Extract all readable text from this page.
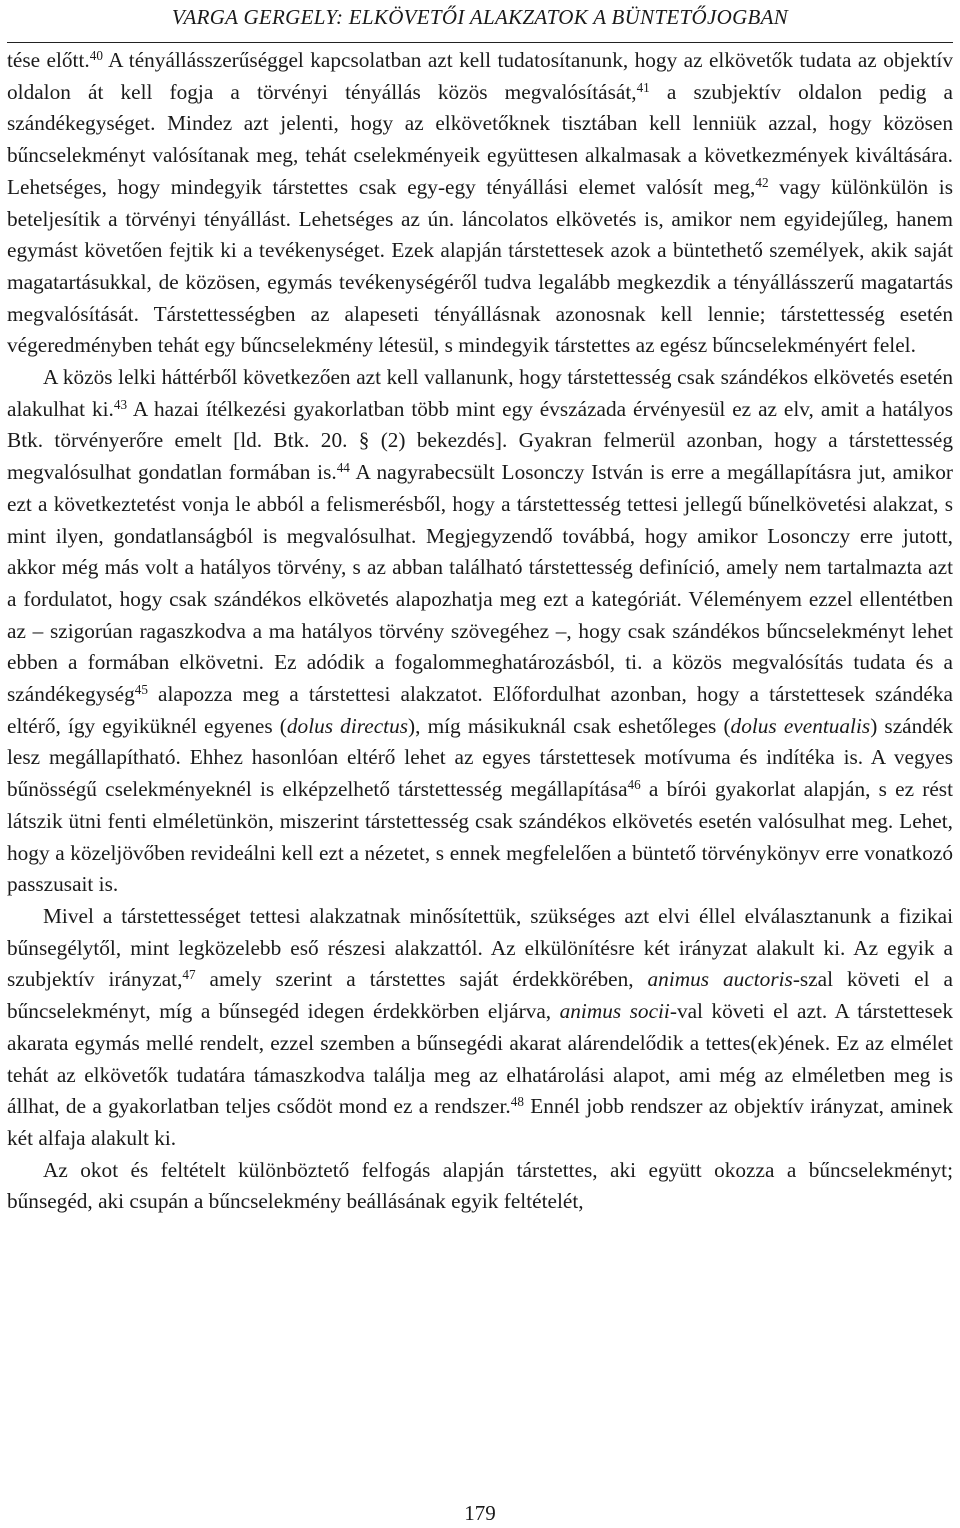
VARGA GERGELY: ELKÖVETŐI ALAKZATOK A BÜNTETŐJOGBAN

tése előtt.$^{40}$ A tényállásszerűséggel kapcsolatban azt kell tudatosítanunk, hogy az elkövetők tudata az objektív oldalon át kell fogja a törvényi tényállás közös megvalósítását,$^{41}$ a szubjektív oldalon pedig a szándékegységet. Mindez azt jelenti, hogy az elkövetőknek tisztában kell lenniük azzal, hogy közösen bűncselekményt valósítanak meg, tehát cselekményeik együttesen alkalmasak a következmények kiváltására. Lehetséges, hogy mindegyik társtettes csak egy-egy tényállási elemet valósít meg,$^{42}$ vagy különkülön is beteljesítik a törvényi tényállást. Lehetséges az ún. láncolatos elkövetés is, amikor nem egyidejűleg, hanem egymást követően fejtik ki a tevékenységet. Ezek alapján társtettesek azok a büntethető személyek, akik saját magatartásukkal, de közösen, egymás tevékenységéről tudva legalább megkezdik a tényállásszerű magatartás megvalósítását. Társtettességben az alapeseti tényállásnak azonosnak kell lennie; társtettesség esetén végeredményben tehát egy bűncselekmény létesül, s mindegyik társtettes az egész bűncselekményért felel.

A közös lelki háttérből következően azt kell vallanunk, hogy társtettesség csak szándékos elkövetés esetén alakulhat ki.$^{43}$ A hazai ítélkezési gyakorlatban több mint egy évszázada érvényesül ez az elv, amit a hatályos Btk. törvényerőre emelt [ld. Btk. 20. § (2) bekezdés]. Gyakran felmerül azonban, hogy a társtettesség megvalósulhat gondatlan formában is.$^{44}$ A nagyrabecsült Losonczy István is erre a megállapításra jut, amikor ezt a következtetést vonja le abból a felismerésből, hogy a társtettesség tettesi jellegű bűnelkövetési alakzat, s mint ilyen, gondatlanságból is megvalósulhat. Megjegyzendő továbbá, hogy amikor Losonczy erre jutott, akkor még más volt a hatályos törvény, s az abban található társtettesség definíció, amely nem tartalmazta azt a fordulatot, hogy csak szándékos elkövetés alapozhatja meg ezt a kategóriát. Véleményem ezzel ellentétben az – szigorúan ragaszkodva a ma hatályos törvény szövegéhez –, hogy csak szándékos bűncselekményt lehet ebben a formában elkövetni. Ez adódik a fogalommeghatározásból, ti. a közös megvalósítás tudata és a szándékegység$^{45}$ alapozza meg a társtettesi alakzatot. Előfordulhat azonban, hogy a társtettesek szándéka eltérő, így egyiküknél egyenes (dolus directus), míg másikuknál csak eshetőleges (dolus eventualis) szándék lesz megállapítható. Ehhez hasonlóan eltérő lehet az egyes társtettesek motívuma és indítéka is. A vegyes bűnösségű cselekményeknél is elképzelhető társtettesség megállapítása$^{46}$ a bírói gyakorlat alapján, s ez rést látszik ütni fenti elméletünkön, miszerint társtettesség csak szándékos elkövetés esetén valósulhat meg. Lehet, hogy a közeljövőben revideálni kell ezt a nézetet, s ennek megfelelően a büntető törvénykönyv erre vonatkozó passzusait is.

Mivel a társtettességet tettesi alakzatnak minősítettük, szükséges azt elvi éllel elválasztanunk a fizikai bűnsegélytől, mint legközelebb eső részesi alakzattól. Az elkülönítésre két irányzat alakult ki. Az egyik a szubjektív irányzat,$^{47}$ amely szerint a társtettes saját érdekkörében, animus auctoris-szal követi el a bűncselekményt, míg a bűnsegéd idegen érdekkörben eljárva, animus socii-val követi el azt. A társtettesek akarata egymás mellé rendelt, ezzel szemben a bűnsegédi akarat alárendelődik a tettes(ek)ének. Ez az elmélet tehát az elkövetők tudatára támaszkodva találja meg az elhatárolási alapot, ami még az elméletben meg is állhat, de a gyakorlatban teljes csődöt mond ez a rendszer.$^{48}$ Ennél jobb rendszer az objektív irányzat, aminek két alfaja alakult ki.

Az okot és feltételt különböztető felfogás alapján társtettes, aki együtt okozza a bűncselekményt; bűnsegéd, aki csupán a bűncselekmény beállásának egyik feltételét,

179
